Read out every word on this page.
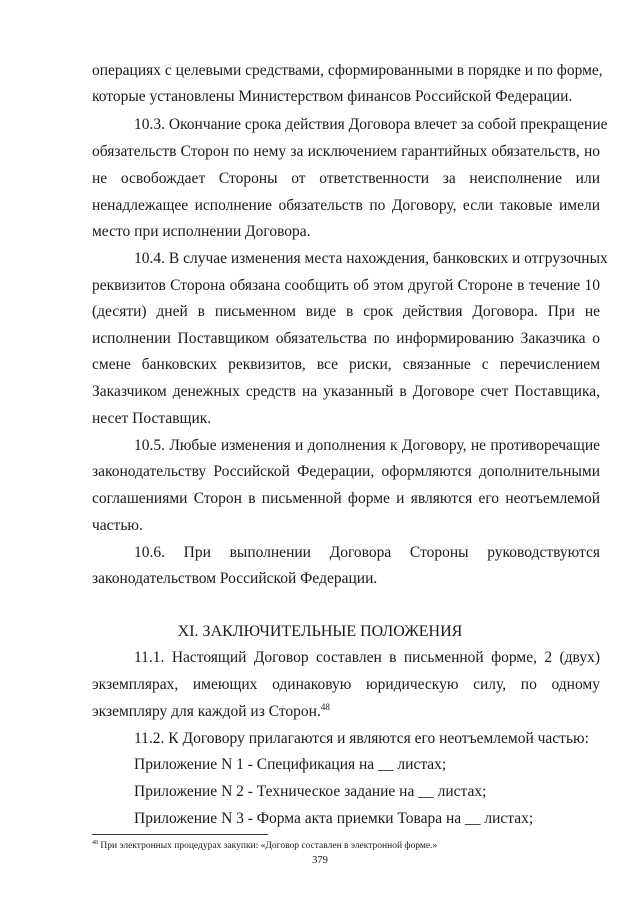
операциях с целевыми средствами, сформированными в порядке и по форме,
которые установлены Министерством финансов Российской Федерации.
10.3. Окончание срока действия Договора влечет за собой прекращение
обязательств Сторон по нему за исключением гарантийных обязательств, но
не освобождает Стороны от ответственности за неисполнение или
ненадлежащее исполнение обязательств по Договору, если таковые имели
место при исполнении Договора.
10.4. В случае изменения места нахождения, банковских и отгрузочных
реквизитов Сторона обязана сообщить об этом другой Стороне в течение 10
(десяти) дней в письменном виде в срок действия Договора. При не
исполнении Поставщиком обязательства по информированию Заказчика о
смене банковских реквизитов, все риски, связанные с перечислением
Заказчиком денежных средств на указанный в Договоре счет Поставщика,
несет Поставщик.
10.5. Любые изменения и дополнения к Договору, не противоречащие
законодательству Российской Федерации, оформляются дополнительными
соглашениями Сторон в письменной форме и являются его неотъемлемой
частью.
10.6. При выполнении Договора Стороны руководствуются
законодательством Российской Федерации.
XI. ЗАКЛЮЧИТЕЛЬНЫЕ ПОЛОЖЕНИЯ
11.1. Настоящий Договор составлен в письменной форме, 2 (двух)
экземплярах, имеющих одинаковую юридическую силу, по одному
экземпляру для каждой из Сторон.$^{48}$
11.2. К Договору прилагаются и являются его неотъемлемой частью:
Приложение N 1 - Спецификация на __ листах;
Приложение N 2 - Техническое задание на __ листах;
Приложение N 3 - Форма акта приемки Товара на __ листах;
$^{48}$ При электронных процедурах закупки: «Договор составлен в электронной форме.»
379
